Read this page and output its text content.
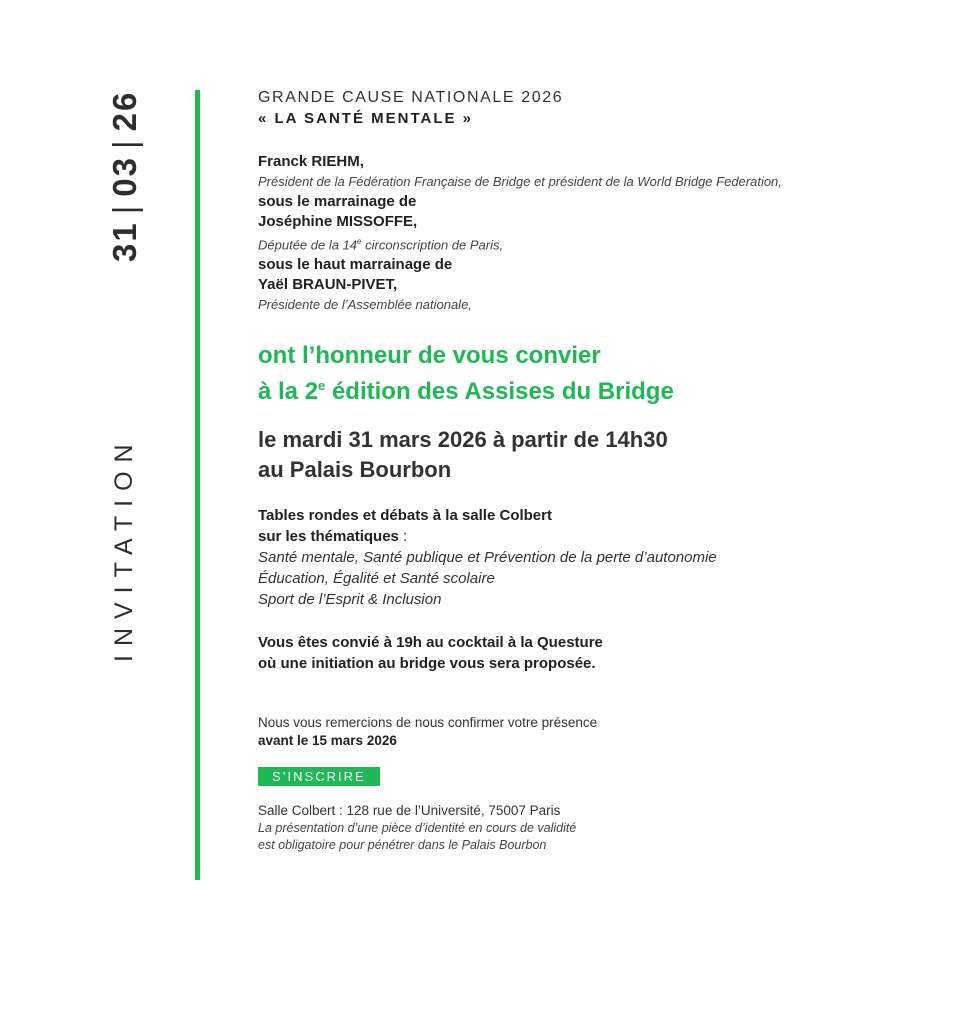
31|03|26
INVITATION

GRANDE CAUSE NATIONALE 2026

« LA SANTÉ MENTALE »

Franck RIEHM,

Président de la Fédération Française de Bridge et président de la World Bridge Federation,

sous le marrainage de

Joséphine MISSOFFE,

Députée de la 14e circonscription de Paris,

sous le haut marrainage de

Yaël BRAUN-PIVET,

Présidente de l’Assemblée nationale,

ont l’honneur de vous convier

à la 2e édition des Assises du Bridge

le mardi 31 mars 2026 à partir de 14h30

au Palais Bourbon

Tables rondes et débats à la salle Colbert

sur les thématiques :

Santé mentale, Santé publique et Prévention de la perte d’autonomie

Éducation, Égalité et Santé scolaire

Sport de l’Esprit & Inclusion

Vous êtes convié à 19h au cocktail à la Questure

où une initiation au bridge vous sera proposée.

Nous vous remercions de nous confirmer votre présence

avant le 15 mars 2026

S’INSCRIRE

Salle Colbert : 128 rue de l’Université, 75007 Paris

La présentation d’une pièce d’identité en cours de validité

est obligatoire pour pénétrer dans le Palais Bourbon
